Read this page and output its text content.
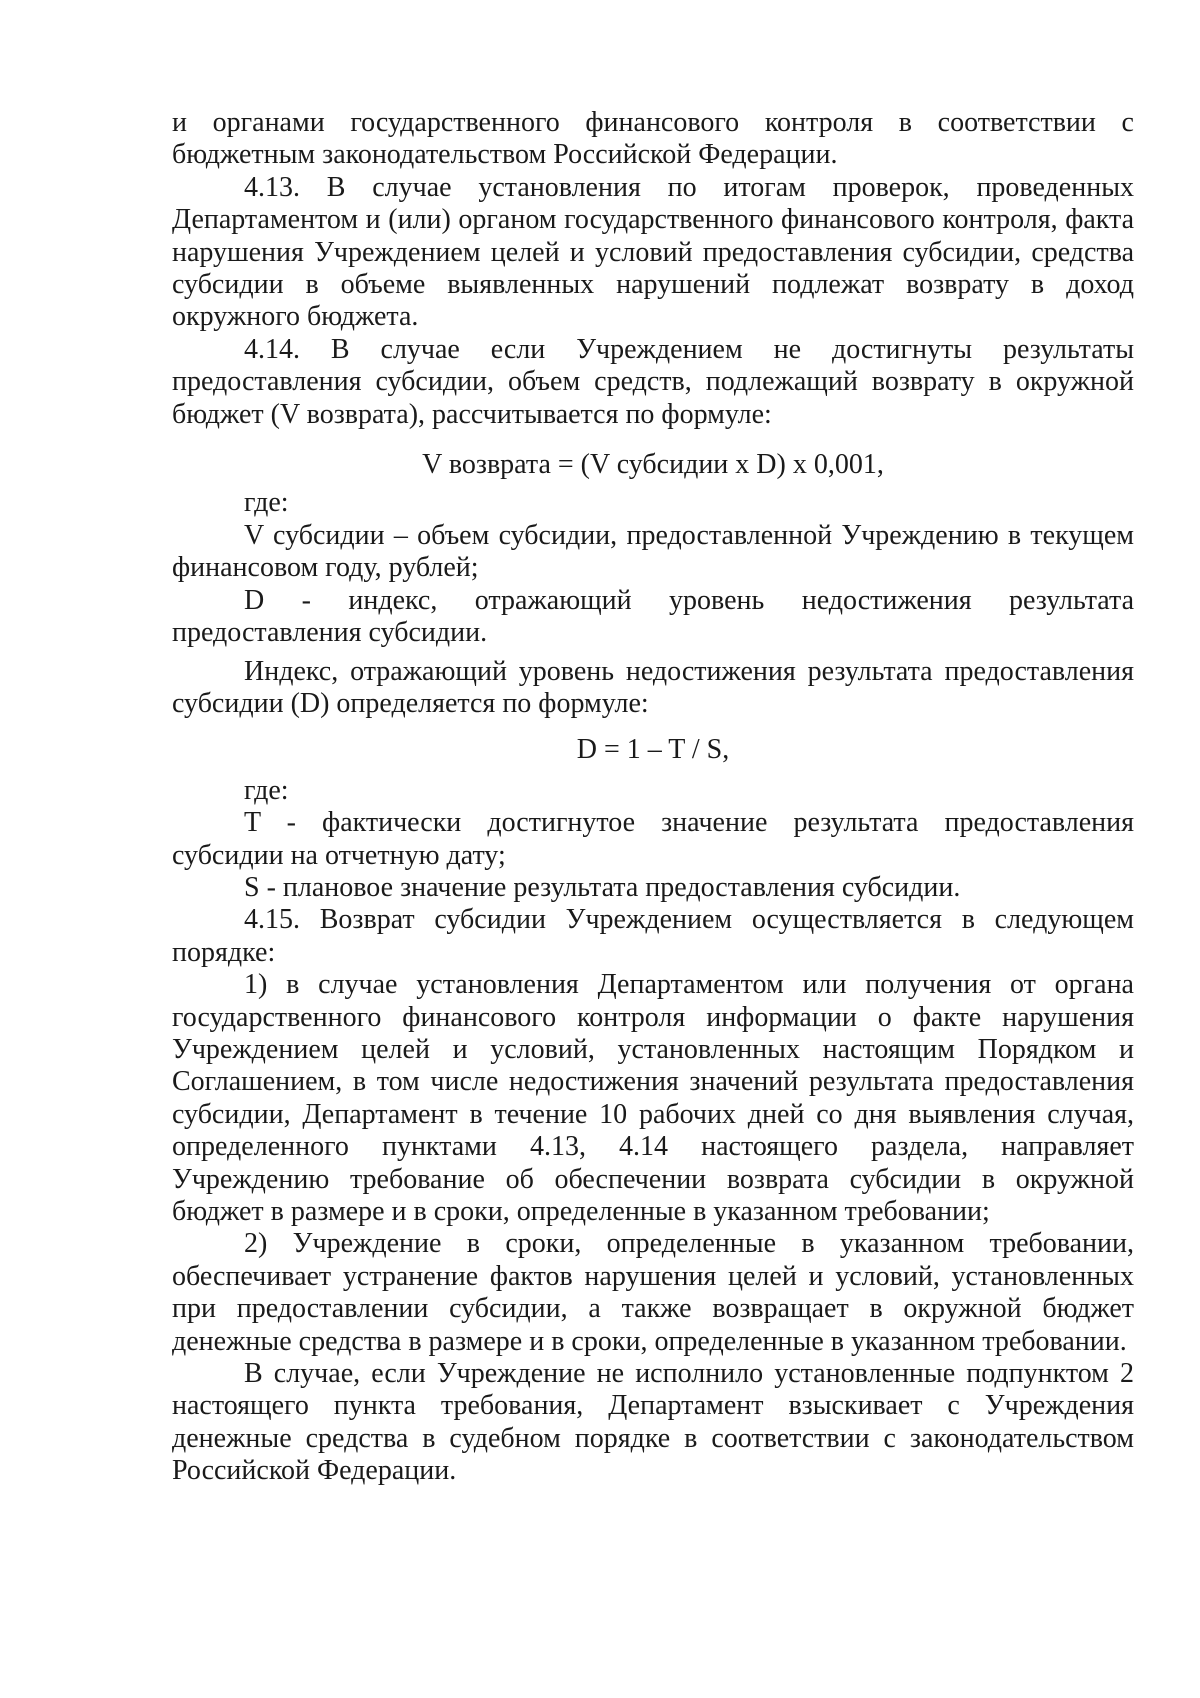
и органами государственного финансового контроля в соответствии с бюджетным законодательством Российской Федерации.

4.13. В случае установления по итогам проверок, проведенных Департаментом и (или) органом государственного финансового контроля, факта нарушения Учреждением целей и условий предоставления субсидии, средства субсидии в объеме выявленных нарушений подлежат возврату в доход окружного бюджета.

4.14. В случае если Учреждением не достигнуты результаты предоставления субсидии, объем средств, подлежащий возврату в окружной бюджет (V возврата), рассчитывается по формуле:

V возврата = (V субсидии x D) x 0,001,

где:

V субсидии – объем субсидии, предоставленной Учреждению в текущем финансовом году, рублей;

D - индекс, отражающий уровень недостижения результата предоставления субсидии.

Индекс, отражающий уровень недостижения результата предоставления субсидии (D) определяется по формуле:

D = 1 – T / S,

где:

T - фактически достигнутое значение результата предоставления субсидии на отчетную дату;

S - плановое значение результата предоставления субсидии.

4.15. Возврат субсидии Учреждением осуществляется в следующем порядке:

1) в случае установления Департаментом или получения от органа государственного финансового контроля информации о факте нарушения Учреждением целей и условий, установленных настоящим Порядком и Соглашением, в том числе недостижения значений результата предоставления субсидии, Департамент в течение 10 рабочих дней со дня выявления случая, определенного пунктами 4.13, 4.14 настоящего раздела, направляет Учреждению требование об обеспечении возврата субсидии в окружной бюджет в размере и в сроки, определенные в указанном требовании;

2) Учреждение в сроки, определенные в указанном требовании, обеспечивает устранение фактов нарушения целей и условий, установленных при предоставлении субсидии, а также возвращает в окружной бюджет денежные средства в размере и в сроки, определенные в указанном требовании.

В случае, если Учреждение не исполнило установленные подпунктом 2 настоящего пункта требования, Департамент взыскивает с Учреждения денежные средства в судебном порядке в соответствии с законодательством Российской Федерации.
